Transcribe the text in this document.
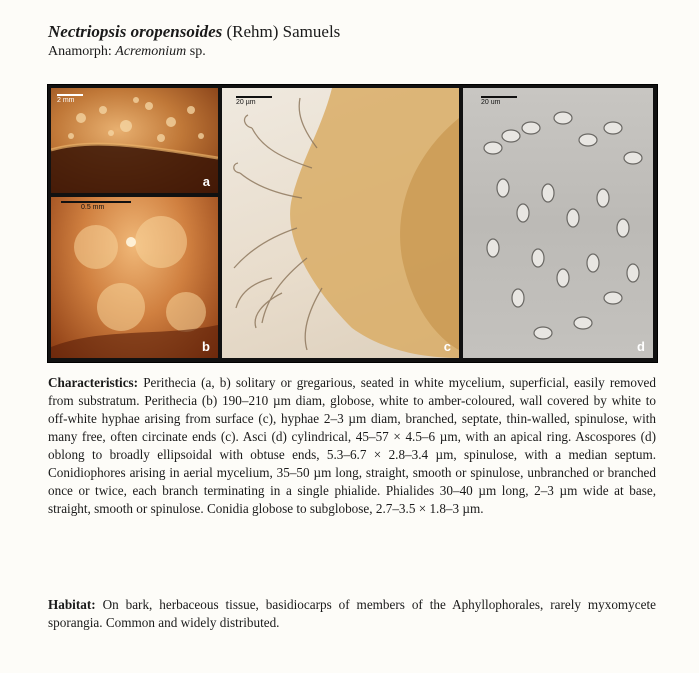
Nectriopsis oropensoides (Rehm) Samuels
Anamorph: Acremonium sp.
2 mm
a
0.5 mm
b
20 µm
c
20 um
d

Characteristics: Perithecia (a, b) solitary or gregarious, seated in white mycelium, superficial, easily removed from substratum. Perithecia (b) 190–210 µm diam, globose, white to amber-coloured, wall covered by white to off-white hyphae arising from surface (c), hyphae 2–3 µm diam, branched, septate, thin-walled, spinulose, with many free, often circinate ends (c). Asci (d) cylindrical, 45–57 × 4.5–6 µm, with an apical ring. Ascospores (d) oblong to broadly ellipsoidal with obtuse ends, 5.3–6.7 × 2.8–3.4 µm, spinulose, with a median septum. Conidiophores arising in aerial mycelium, 35–50 µm long, straight, smooth or spinulose, unbranched or branched once or twice, each branch terminating in a single phialide. Phialides 30–40 µm long, 2–3 µm wide at base, straight, smooth or spinulose. Conidia globose to subglobose, 2.7–3.5 × 1.8–3 µm.

Habitat: On bark, herbaceous tissue, basidiocarps of members of the Aphyllophorales, rarely myxomycete sporangia. Common and widely distributed.
